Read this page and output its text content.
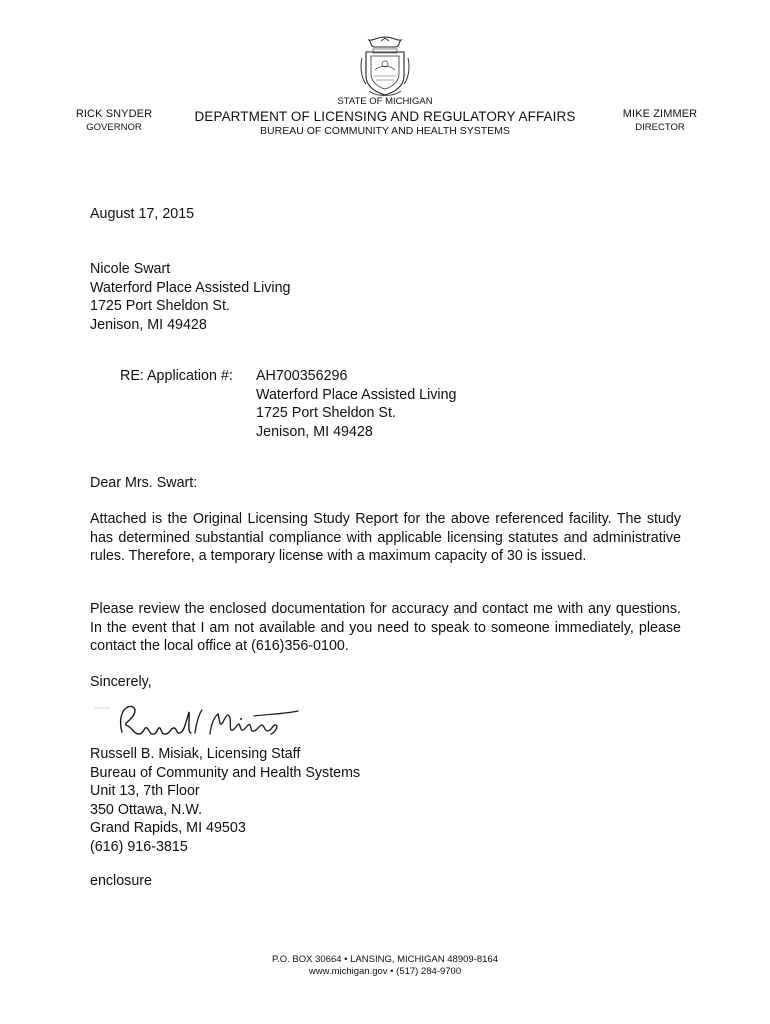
RICK SNYDER
GOVERNOR
STATE OF MICHIGAN
DEPARTMENT OF LICENSING AND REGULATORY AFFAIRS
BUREAU OF COMMUNITY AND HEALTH SYSTEMS
MIKE ZIMMER
DIRECTOR
August 17, 2015
Nicole Swart
Waterford Place Assisted Living
1725 Port Sheldon St.
Jenison, MI 49428
RE: Application #: AH700356296
Waterford Place Assisted Living
1725 Port Sheldon St.
Jenison, MI 49428
Dear Mrs. Swart:
Attached is the Original Licensing Study Report for the above referenced facility. The study has determined substantial compliance with applicable licensing statutes and administrative rules. Therefore, a temporary license with a maximum capacity of 30 is issued.
Please review the enclosed documentation for accuracy and contact me with any questions. In the event that I am not available and you need to speak to someone immediately, please contact the local office at (616)356-0100.
Sincerely,
Russell B. Misiak, Licensing Staff
Bureau of Community and Health Systems
Unit 13, 7th Floor
350 Ottawa, N.W.
Grand Rapids, MI 49503
(616) 916-3815
enclosure
P.O. BOX 30664 • LANSING, MICHIGAN 48909-8164
www.michigan.gov • (517) 284-9700
